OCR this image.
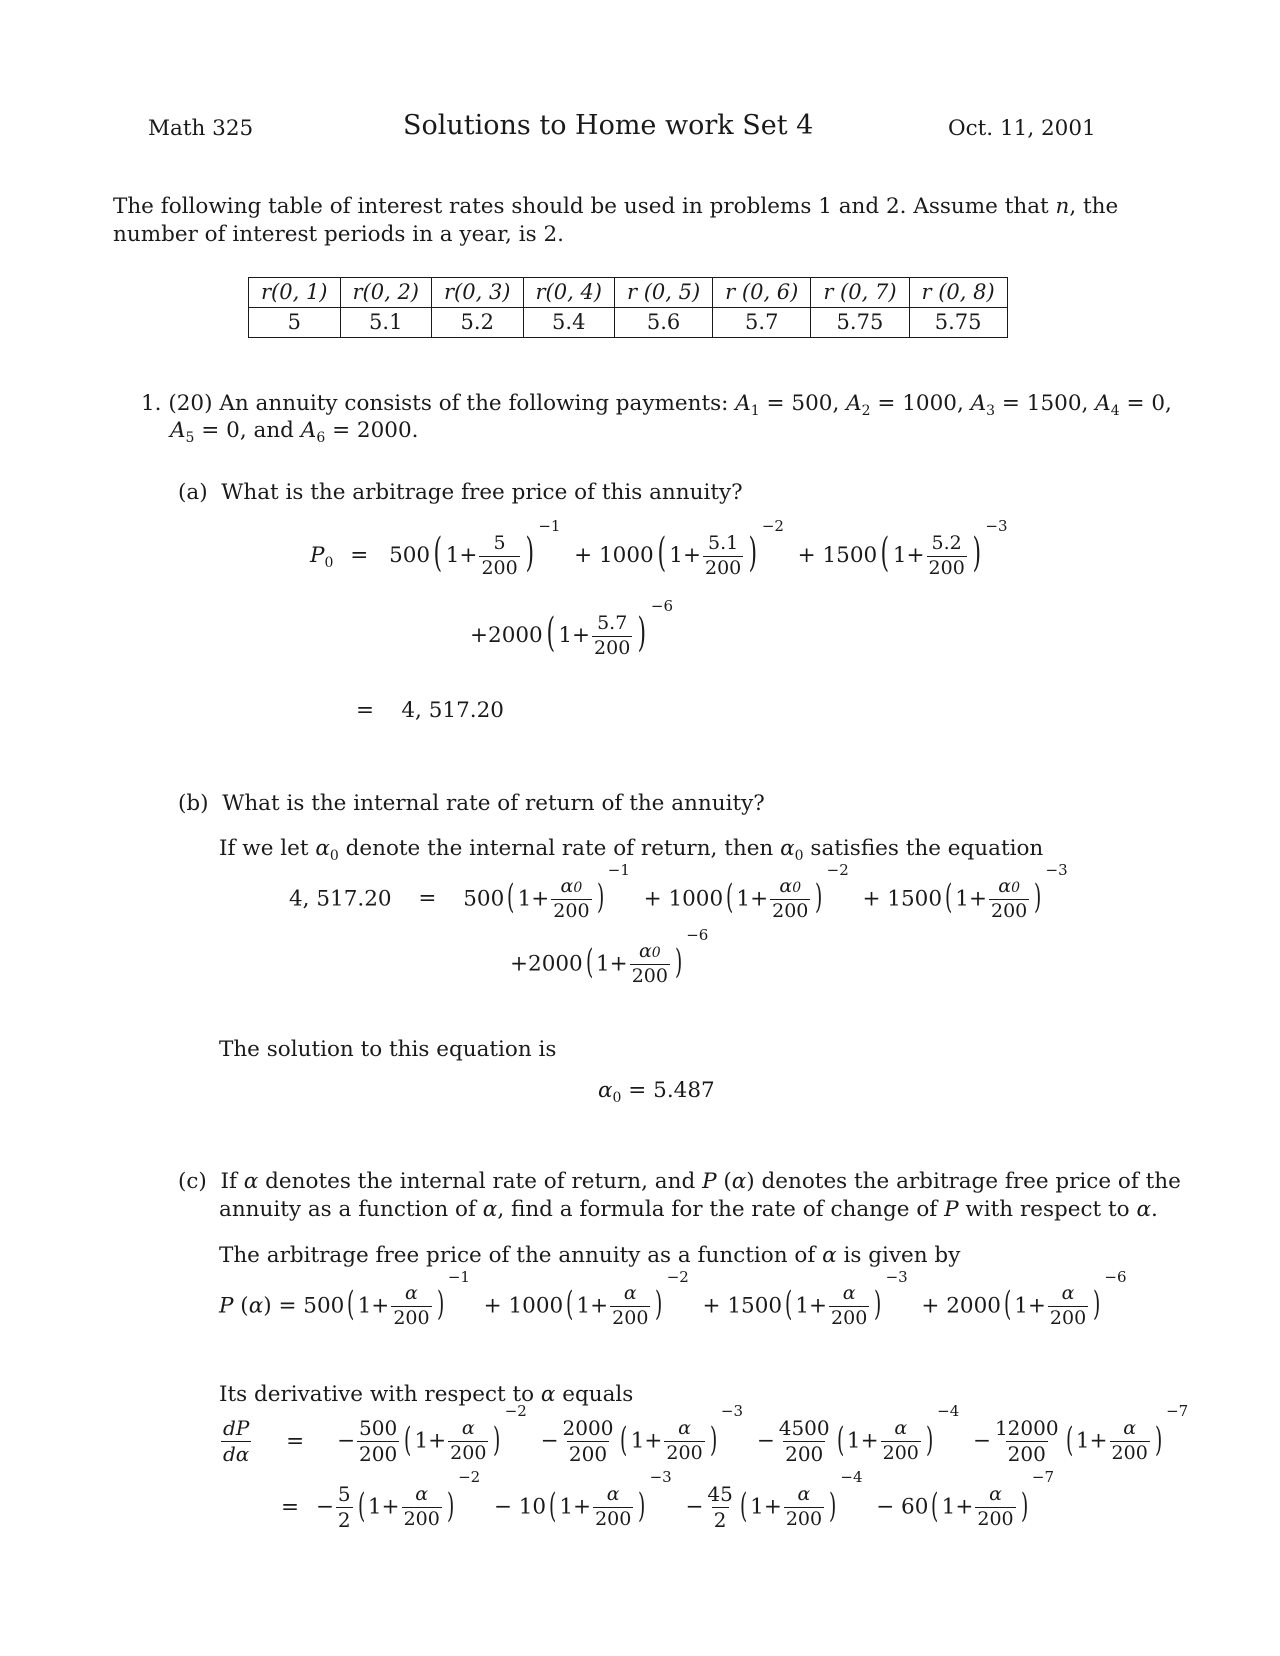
Math 325	Solutions to Home work Set 4	Oct. 11, 2001
The following table of interest rates should be used in problems 1 and 2. Assume that n, the
number of interest periods in a year, is 2.
r(0, 1)	r(0, 2)	r(0, 3)	r(0, 4)	r (0, 5)	r (0, 6)	r (0, 7)	r (0, 8)
5	5.1	5.2	5.4	5.6	5.7	5.75	5.75
1. (20) An annuity consists of the following payments: $A_1 = 500$, $A_2 = 1000$, $A_3 = 1500$, $A_4 = 0$,
$A_5 = 0$, and $A_6 = 2000$.
(a) What is the arbitrage free price of this annuity?
$P_0 = 500$( $1+ \frac{5}{200} )^{-1} + 1000$( $1+ \frac{5.1}{200} )^{-2} + 1500$( $1+ \frac{5.2}{200} )^{-3}$
+2000( $1+ \frac{5.7}{200} )^{-6}$
=    4, 517.20
(b) What is the internal rate of return of the annuity?
If we let $\alpha_0$ denote the internal rate of return, then $\alpha_0$ satisfies the equation
4, 517.20 = 500( $1+ \frac{\alpha 0}{200} )^{-1} + 1000$( $1+ \frac{\alpha 0}{200} )^{-2} + 1500$( $1+ \frac{\alpha 0}{200} )^{-3}$
+2000( $1+ \frac{\alpha 0}{200} )^{-6}$
The solution to this equation is
$\alpha_0 = 5.487$
(c) If α denotes the internal rate of return, and P (α) denotes the arbitrage free price of the
annuity as a function of α, find a formula for the rate of change of P with respect to α.
The arbitrage free price of the annuity as a function of α is given by
P (α) = 500( $1+ \frac{\alpha}{200} )^{-1} + 1000$( $1+ \frac{\alpha}{200} )^{-2} + 1500$( $1+ \frac{\alpha}{200} )^{-3} + 2000$( $1+ \frac{\alpha}{200} )^{-6}$
Its derivative with respect to α equals
$\frac{dP}{d\alpha}$ = − $\frac{500}{200}$ ( $1+ \frac{\alpha}{200} )^{-2} - \frac{2000}{200}$ ( $1+ \frac{\alpha}{200} )^{-3} - \frac{4500}{200}$ ( $1+ \frac{\alpha}{200} )^{-4} - \frac{12000}{200}$ ( $1+ \frac{\alpha}{200} )^{-7}$
= − $\frac{5}{2}$ ( $1+ \frac{\alpha}{200} )^{-2} - 10$( $1+ \frac{\alpha}{200} )^{-3} - \frac{45}{2}$ ( $1+ \frac{\alpha}{200} )^{-4} - 60$( $1+ \frac{\alpha}{200} )^{-7}$
